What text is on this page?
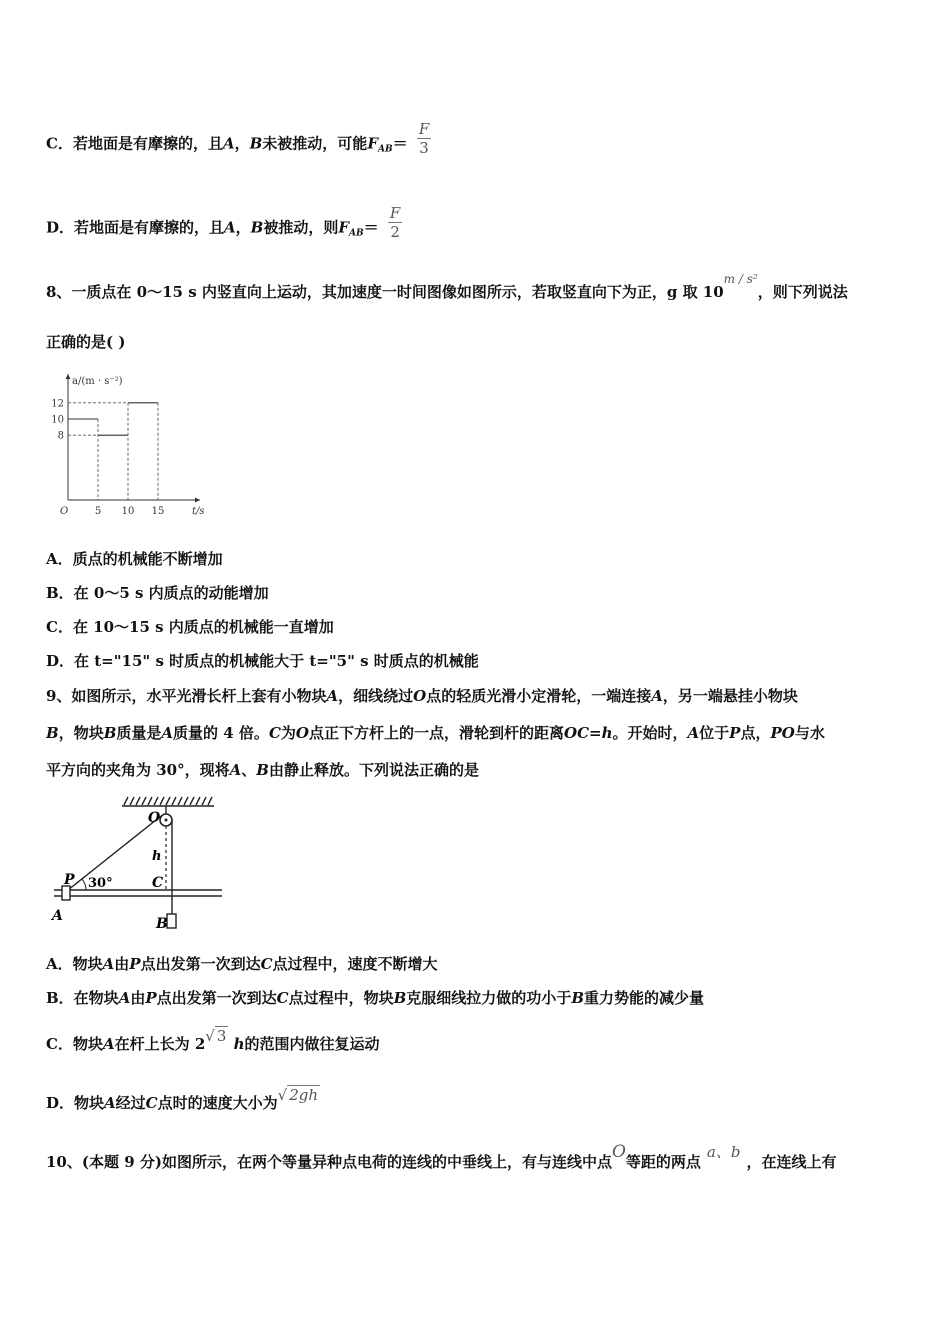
C．若地面是有摩擦的，且A，B未被推动，可能$F_{AB}= \frac{F}{3}$
D．若地面是有摩擦的，且A，B被推动，则$F_{AB}= \frac{F}{2}$
8、一质点在 0～15 s 内竖直向上运动，其加速度一时间图像如图所示，若取竖直向下为正，g 取 $10^{m / s^2}$，则下列说法
正确的是( )
5 10 15
8
10
12
O	t/s
a/(m · s⁻²)
A．质点的机械能不断增加
B．在 0～5 s 内质点的动能增加
C．在 10～15 s 内质点的机械能一直增加
D．在 t="15" s 时质点的机械能大于 t="5" s 时质点的机械能
9、如图所示，水平光滑长杆上套有小物块A，细线绕过O点的轻质光滑小定滑轮，一端连接A，另一端悬挂小物块
B，物块B质量是A质量的 4 倍。C为O点正下方杆上的一点，滑轮到杆的距离OC=h。开始时，A位于P点，PO与水
平方向的夹角为 30°，现将A、B由静止释放。下列说法正确的是
O
h
P 30°	C
A	B
A．物块A由P点出发第一次到达C点过程中，速度不断增大
B．在物块A由P点出发第一次到达C点过程中，物块B克服细线拉力做的功小于B重力势能的减少量
C．物块A在杆上长为 2√ 3 h的范围内做往复运动
D．物块A经过C点时的速度大小为√ 2gh
10、(本题 9 分)如图所示，在两个等量异种点电荷的连线的中垂线上，有与连线中点O等距的两点a、b，在连线上有
